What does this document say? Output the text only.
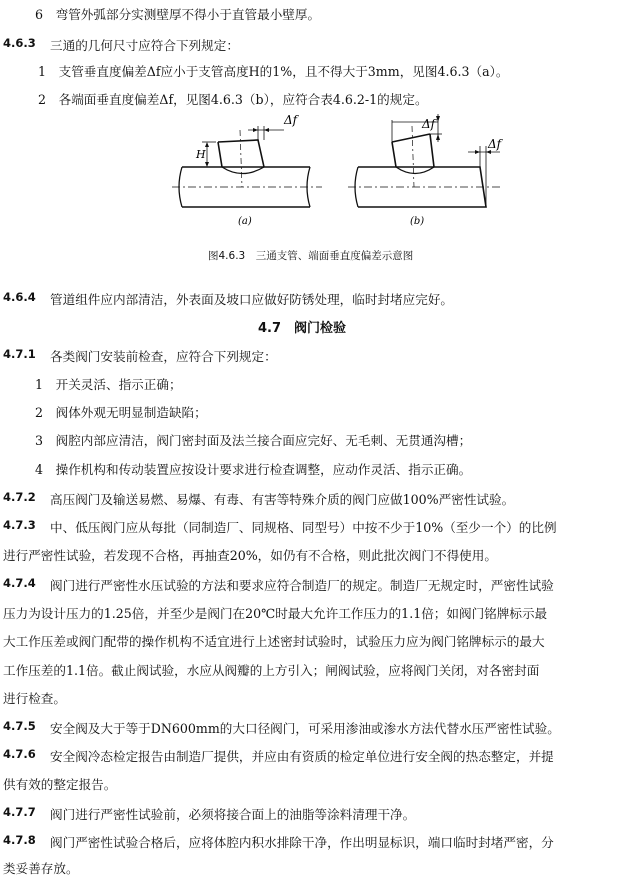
6　弯管外弧部分实测壁厚不得小于直管最小壁厚。
4.6.3 三通的几何尺寸应符合下列规定：
1　支管垂直度偏差Δf应小于支管高度H的1%，且不得大于3mm，见图4.6.3（a）。
2　各端面垂直度偏差Δf，见图4.6.3（b），应符合表4.6.2-1的规定。
Δf
H
(a)
Δf
Δf
(b)
图4.6.3　三通支管、端面垂直度偏差示意图
4.6.4 管道组件应内部清洁，外表面及坡口应做好防锈处理，临时封堵应完好。
4.7　阀门检验
4.7.1 各类阀门安装前检查，应符合下列规定：
1　开关灵活、指示正确；
2　阀体外观无明显制造缺陷；
3　阀腔内部应清洁，阀门密封面及法兰接合面应完好、无毛刺、无贯通沟槽；
4　操作机构和传动装置应按设计要求进行检查调整，应动作灵活、指示正确。
4.7.2 高压阀门及输送易燃、易爆、有毒、有害等特殊介质的阀门应做100%严密性试验。
4.7.3 中、低压阀门应从每批（同制造厂、同规格、同型号）中按不少于10%（至少一个）的比例
进行严密性试验，若发现不合格，再抽查20%，如仍有不合格，则此批次阀门不得使用。
4.7.4 阀门进行严密性水压试验的方法和要求应符合制造厂的规定。制造厂无规定时，严密性试验
压力为设计压力的1.25倍，并至少是阀门在20℃时最大允许工作压力的1.1倍；如阀门铭牌标示最
大工作压差或阀门配带的操作机构不适宜进行上述密封试验时，试验压力应为阀门铭牌标示的最大
工作压差的1.1倍。截止阀试验，水应从阀瓣的上方引入；闸阀试验，应将阀门关闭，对各密封面
进行检查。
4.7.5 安全阀及大于等于DN600mm的大口径阀门，可采用渗油或渗水方法代替水压严密性试验。
4.7.6 安全阀冷态检定报告由制造厂提供，并应由有资质的检定单位进行安全阀的热态整定，并提
供有效的整定报告。
4.7.7 阀门进行严密性试验前，必须将接合面上的油脂等涂料清理干净。
4.7.8 阀门严密性试验合格后，应将体腔内积水排除干净，作出明显标识，端口临时封堵严密，分
类妥善存放。
